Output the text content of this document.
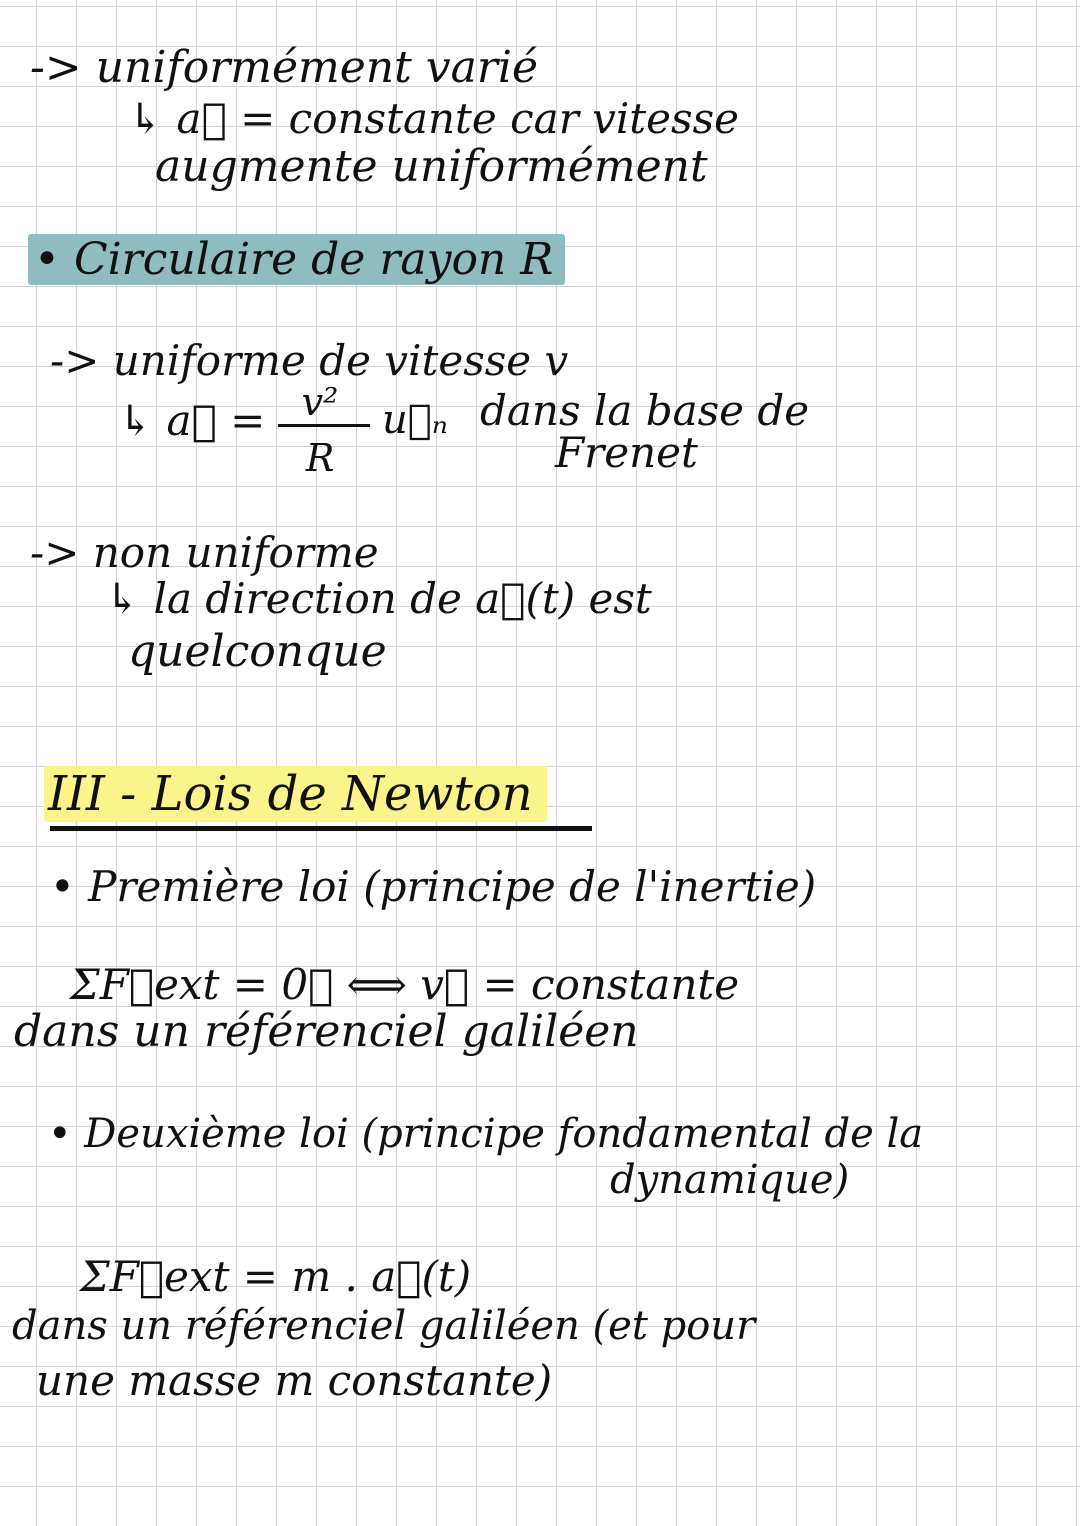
-> uniformément varié
↳ a⃗ = constante car vitesse
augmente uniformément
• Circulaire de rayon R
-> uniforme de vitesse v
↳ a⃗ = v²
R
u⃗ₙ dans la base de
Frenet
-> non uniforme
↳ la direction de a⃗(t) est
quelconque
III - Lois de Newton
• Première loi (principe de l'inertie)
ΣF⃗ext = 0⃗ ⟺ v⃗ = constante
dans un référenciel galiléen
• Deuxième loi (principe fondamental de la
dynamique)
ΣF⃗ext = m . a⃗(t)
dans un référenciel galiléen (et pour
une masse m constante)
